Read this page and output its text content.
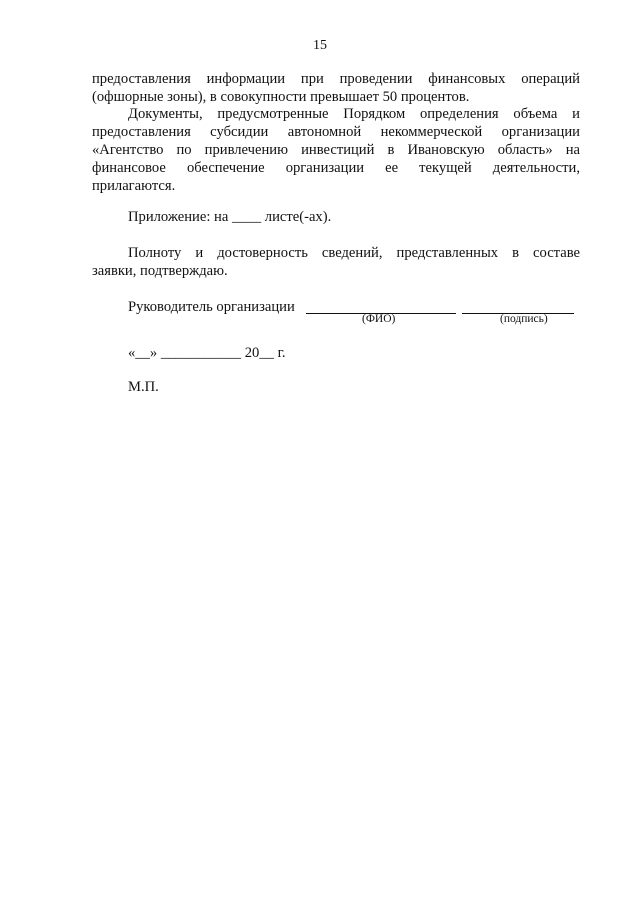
15
предоставления информации при проведении финансовых операций
(офшорные зоны), в совокупности превышает 50 процентов.
Документы, предусмотренные Порядком определения объема и
предоставления субсидии автономной некоммерческой организации
«Агентство по привлечению инвестиций в Ивановскую область» на
финансовое обеспечение организации ее текущей деятельности,
прилагаются.
Приложение: на ____ листе(-ах).
Полноту и достоверность сведений, представленных в составе
заявки, подтверждаю.
Руководитель организации
(ФИО)	(подпись)
«__» ___________ 20__ г.
М.П.
